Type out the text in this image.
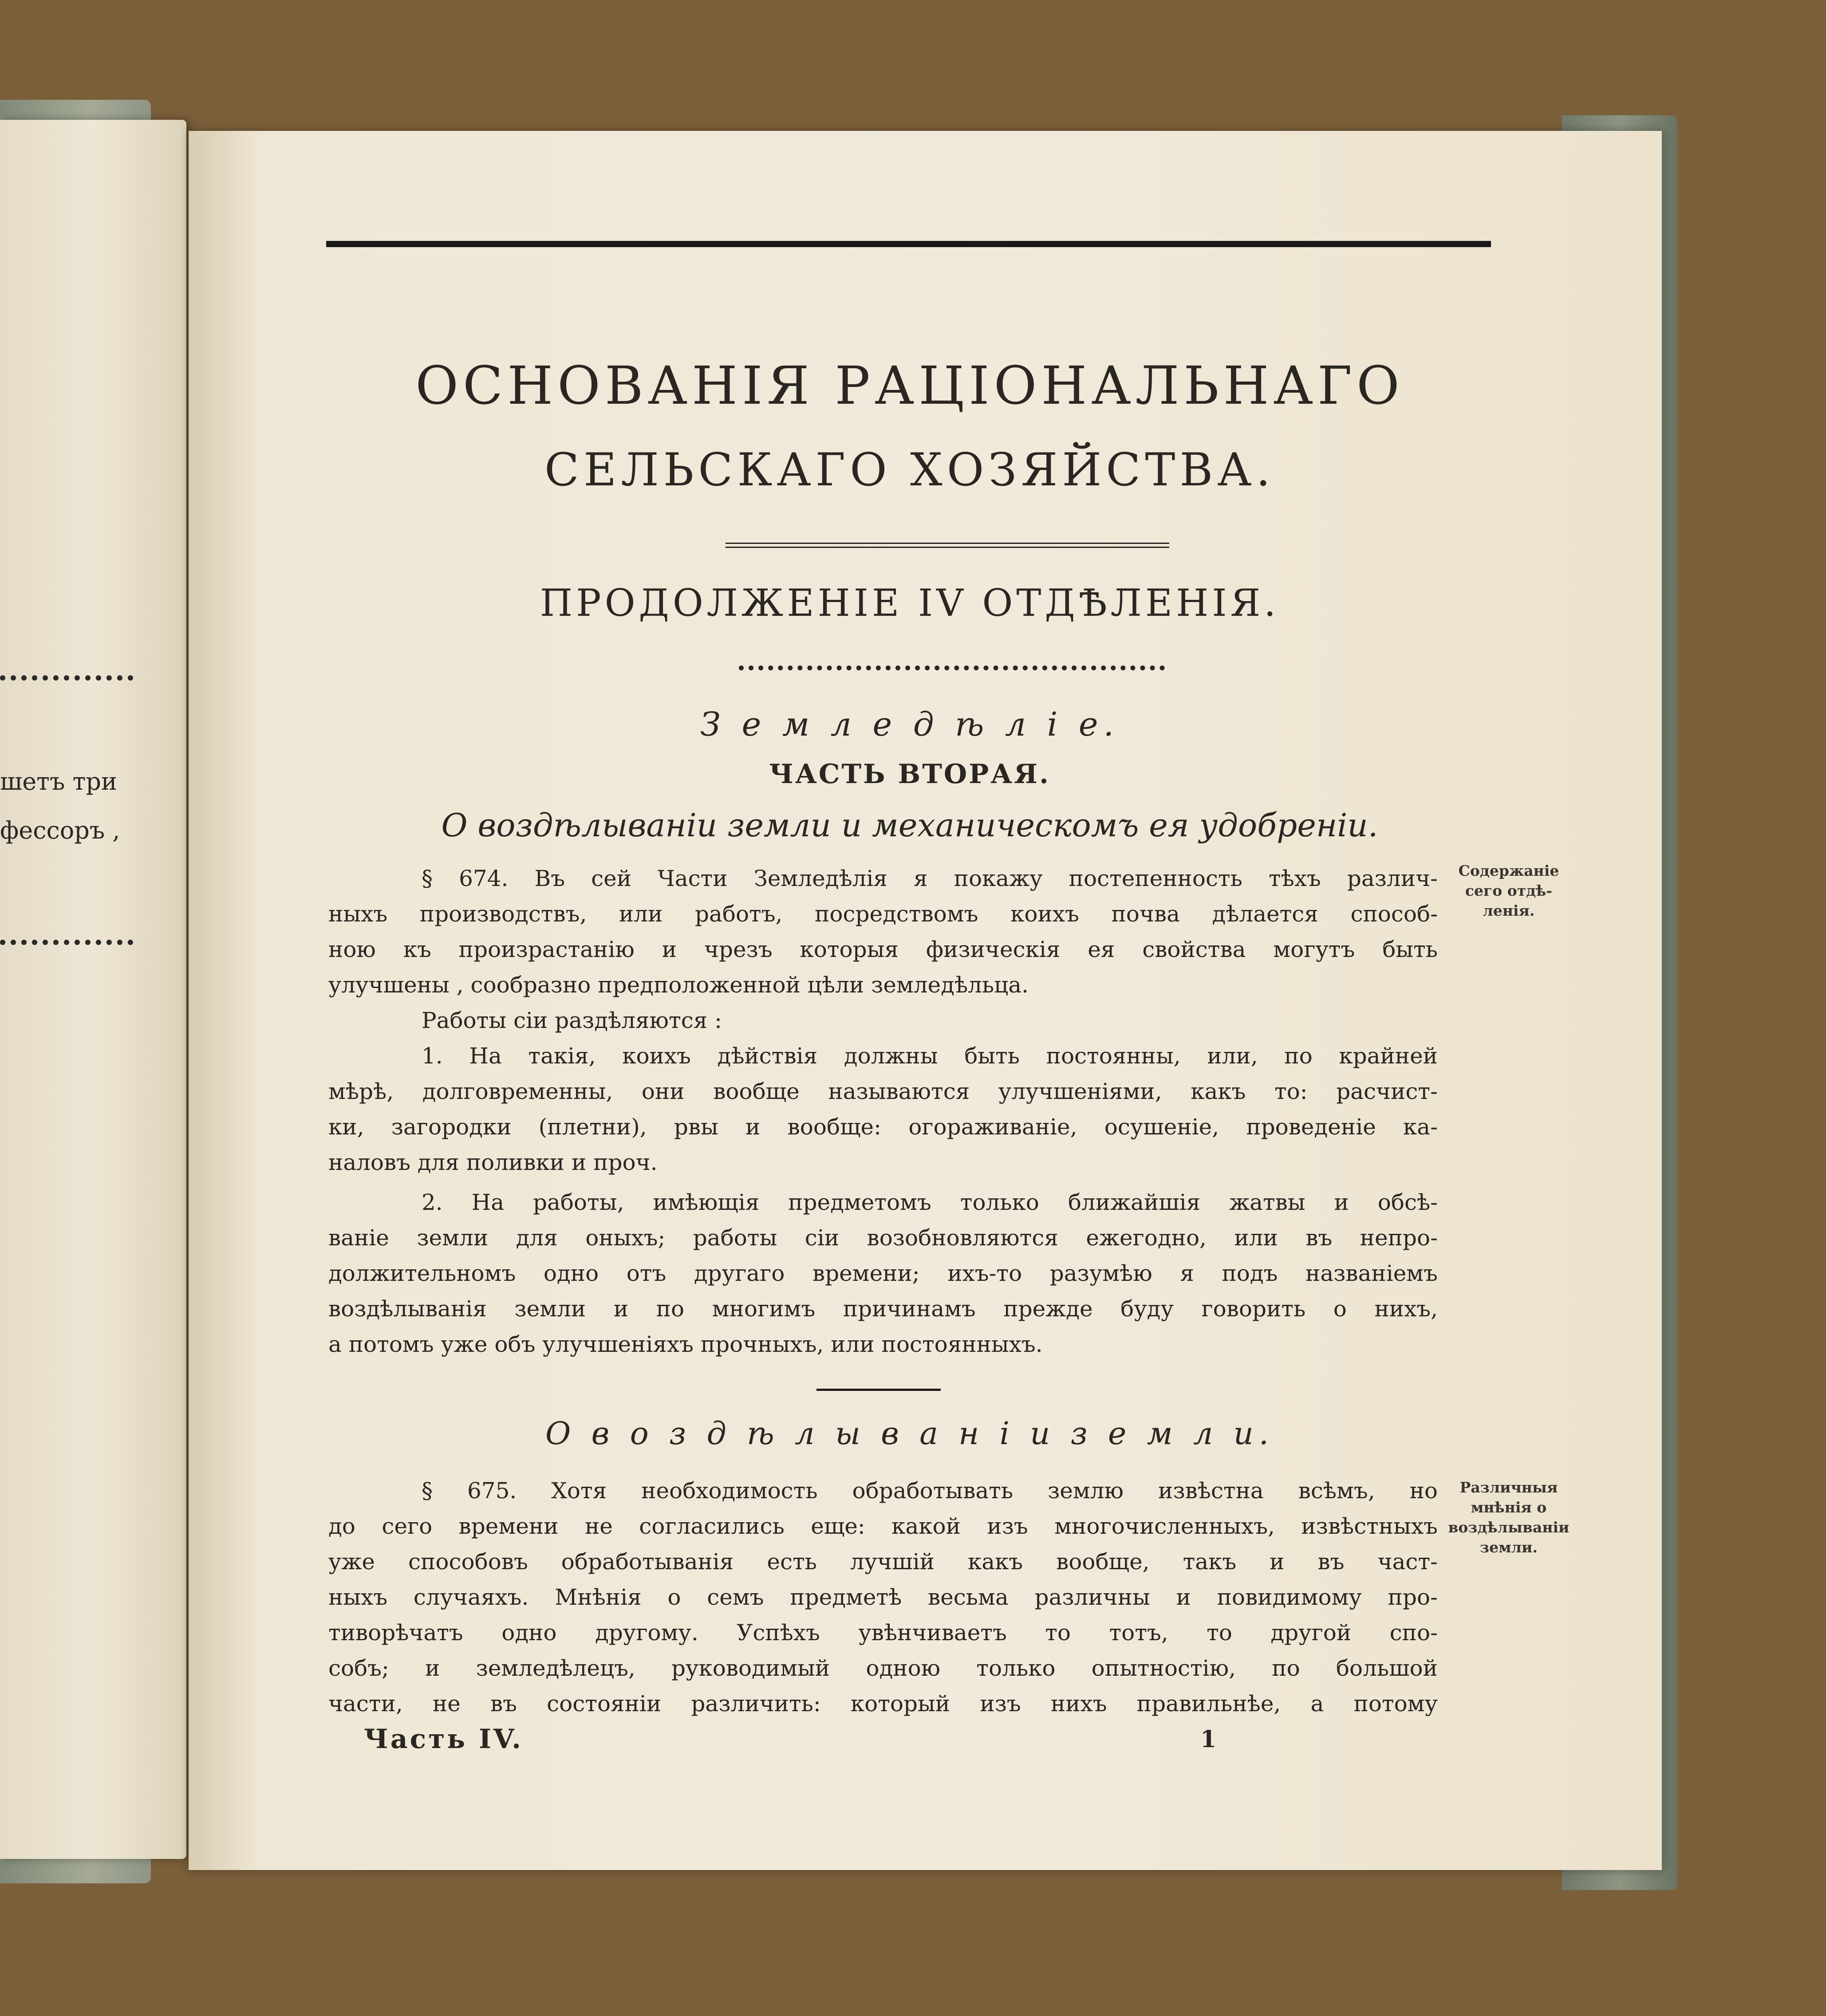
шетъ три
фессоръ ,
ОСНОВАНIЯ РАЦIОНАЛЬНАГО
СЕЛЬСКАГО ХОЗЯЙСТВА.
ПРОДОЛЖЕНIЕ IV ОТДѢЛЕНIЯ.
З е м л е д ѣ л і е.
ЧАСТЬ ВТОРАЯ.
О воздѣлываніи земли и механическомъ ея удобреніи.
§ 674. Въ сей Части Земледѣлія я покажу постепенность тѣхъ различ-
ныхъ производствъ, или работъ, посредствомъ коихъ почва дѣлается способ-
ною къ произрастанію и чрезъ которыя физическія ея свойства могутъ быть
улучшены , сообразно предположенной цѣли земледѣльца.
Работы сіи раздѣляются :
1. На такія, коихъ дѣйствія должны быть постоянны, или, по крайней
мѣрѣ, долговременны, они вообще называются улучшеніями, какъ то: расчист-
ки, загородки (плетни), рвы и вообще: огораживаніе, осушеніе, проведеніе ка-
наловъ для поливки и проч.
2. На работы, имѣющія предметомъ только ближайшія жатвы и обсѣ-
ваніе земли для оныхъ; работы сіи возобновляются ежегодно, или въ непро-
должительномъ одно отъ другаго времени; ихъ-то разумѣю я подъ названіемъ
воздѣлыванія земли и по многимъ причинамъ прежде буду говорить о нихъ,
а потомъ уже объ улучшеніяхъ прочныхъ, или постоянныхъ.
Содержаніе сего отдѣ-ленія.
О в о з д ѣ л ы в а н і и з е м л и.
§ 675. Хотя необходимость обработывать землю извѣстна всѣмъ, но
до сего времени не согласились еще: какой изъ многочисленныхъ, извѣстныхъ
уже способовъ обработыванія есть лучшій какъ вообще, такъ и въ част-
ныхъ случаяхъ. Мнѣнія о семъ предметѣ весьма различны и повидимому про-
тиворѣчатъ одно другому. Успѣхъ увѣнчиваетъ то тотъ, то другой спо-
собъ; и земледѣлецъ, руководимый одною только опытностію, по большой
части, не въ состояніи различить: который изъ нихъ правильнѣе, а потому
Различныя мнѣнія о воздѣлываніи земли.
Часть IV.	1
